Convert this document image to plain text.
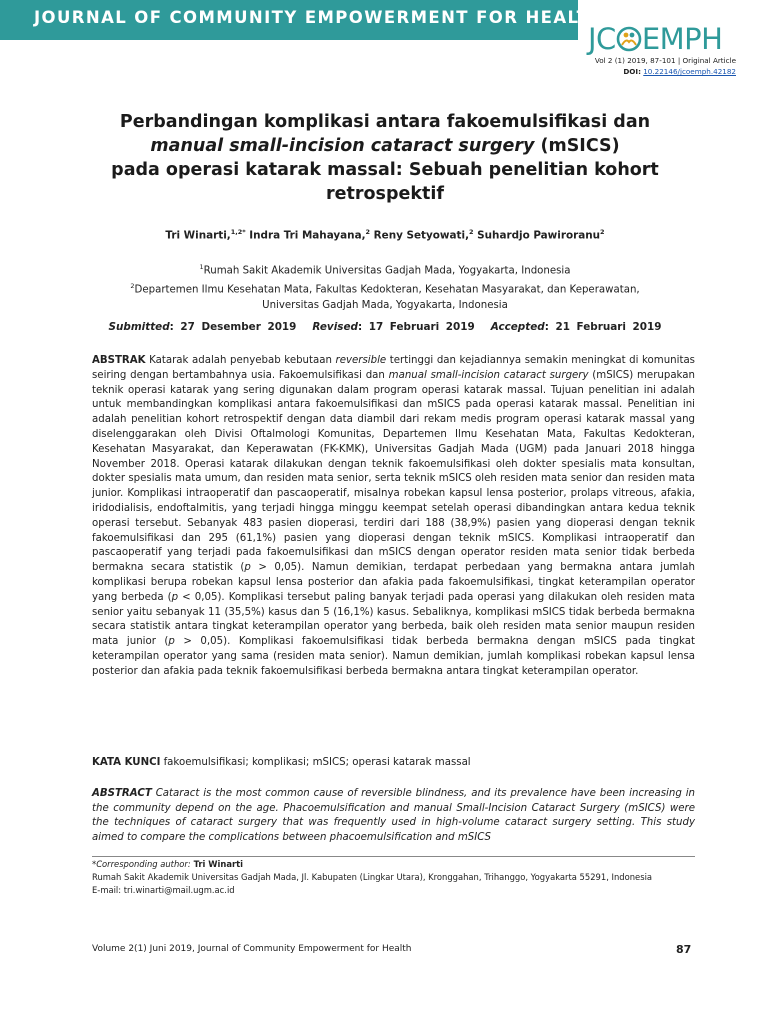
JOURNAL OF COMMUNITY EMPOWERMENT FOR HEALTH
JC EMPH
Vol 2 (1) 2019, 87-101 | Original Article
DOI: 10.22146/jcoemph.42182
Perbandingan komplikasi antara fakoemulsifikasi dan
manual small-incision cataract surgery (mSICS)
pada operasi katarak massal: Sebuah penelitian kohort
retrospektif
Tri Winarti,$^{1,2*}$ Indra Tri Mahayana,$^2$ Reny Setyowati,$^2$ Suhardjo Pawiroranu$^2$
$^1$Rumah Sakit Akademik Universitas Gadjah Mada, Yogyakarta, Indonesia
$^2$Departemen Ilmu Kesehatan Mata, Fakultas Kedokteran, Kesehatan Masyarakat, dan Keperawatan,
Universitas Gadjah Mada, Yogyakarta, Indonesia
Submitted: 27 Desember 2019 Revised: 17 Februari 2019 Accepted: 21 Februari 2019
ABSTRAK Katarak adalah penyebab kebutaan reversible tertinggi dan kejadiannya semakin meningkat di komunitas seiring dengan bertambahnya usia. Fakoemulsifikasi dan manual small-incision cataract surgery (mSICS) merupakan teknik operasi katarak yang sering digunakan dalam program operasi katarak massal. Tujuan penelitian ini adalah untuk membandingkan komplikasi antara fakoemulsifikasi dan mSICS pada operasi katarak massal. Penelitian ini adalah penelitian kohort retrospektif dengan data diambil dari rekam medis program operasi katarak massal yang diselenggarakan oleh Divisi Oftalmologi Komunitas, Departemen Ilmu Kesehatan Mata, Fakultas Kedokteran, Kesehatan Masyarakat, dan Keperawatan (FK-KMK), Universitas Gadjah Mada (UGM) pada Januari 2018 hingga November 2018. Operasi katarak dilakukan dengan teknik fakoemulsifikasi oleh dokter spesialis mata konsultan, dokter spesialis mata umum, dan residen mata senior, serta teknik mSICS oleh residen mata senior dan residen mata junior. Komplikasi intraoperatif dan pascaoperatif, misalnya robekan kapsul lensa posterior, prolaps vitreous, afakia, iridodialisis, endoftalmitis, yang terjadi hingga minggu keempat setelah operasi dibandingkan antara kedua teknik operasi tersebut. Sebanyak 483 pasien dioperasi, terdiri dari 188 (38,9%) pasien yang dioperasi dengan teknik fakoemulsifikasi dan 295 (61,1%) pasien yang dioperasi dengan teknik mSICS. Komplikasi intraoperatif dan pascaoperatif yang terjadi pada fakoemulsifikasi dan mSICS dengan operator residen mata senior tidak berbeda bermakna secara statistik (p > 0,05). Namun demikian, terdapat perbedaan yang bermakna antara jumlah komplikasi berupa robekan kapsul lensa posterior dan afakia pada fakoemulsifikasi, tingkat keterampilan operator yang berbeda (p < 0,05). Komplikasi tersebut paling banyak terjadi pada operasi yang dilakukan oleh residen mata senior yaitu sebanyak 11 (35,5%) kasus dan 5 (16,1%) kasus. Sebaliknya, komplikasi mSICS tidak berbeda bermakna secara statistik antara tingkat keterampilan operator yang berbeda, baik oleh residen mata senior maupun residen mata junior (p > 0,05). Komplikasi fakoemulsifikasi tidak berbeda bermakna dengan mSICS pada tingkat keterampilan operator yang sama (residen mata senior). Namun demikian, jumlah komplikasi robekan kapsul lensa posterior dan afakia pada teknik fakoemulsifikasi berbeda bermakna antara tingkat keterampilan operator.
KATA KUNCI fakoemulsifikasi; komplikasi; mSICS; operasi katarak massal
ABSTRACT Cataract is the most common cause of reversible blindness, and its prevalence have been increasing in the community depend on the age. Phacoemulsification and manual Small-Incision Cataract Surgery (mSICS) were the techniques of cataract surgery that was frequently used in high-volume cataract surgery setting. This study aimed to compare the complications between phacoemulsification and mSICS
*Corresponding author: Tri Winarti
Rumah Sakit Akademik Universitas Gadjah Mada, Jl. Kabupaten (Lingkar Utara), Kronggahan, Trihanggo, Yogyakarta 55291, Indonesia
E-mail: tri.winarti@mail.ugm.ac.id
Volume 2(1) Juni 2019, Journal of Community Empowerment for Health	87
